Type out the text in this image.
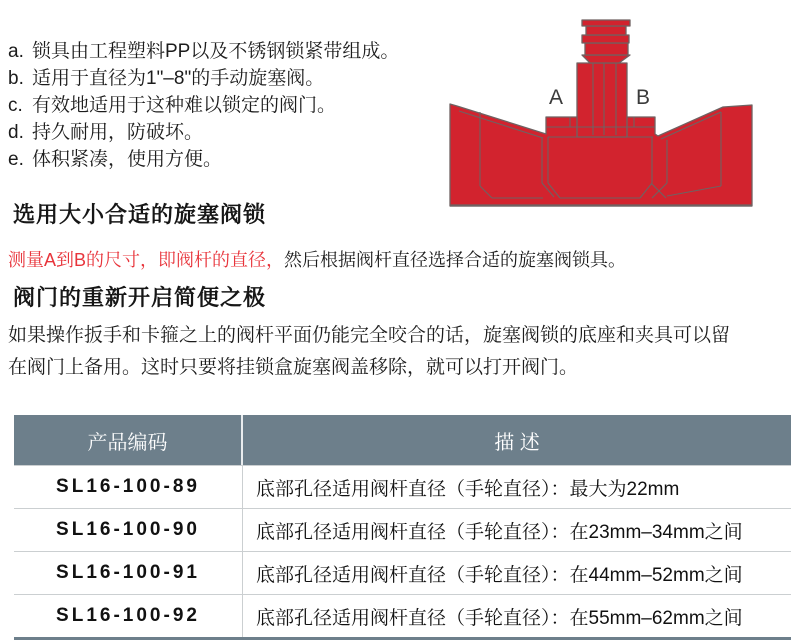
a. 锁具由工程塑料PP以及不锈钢锁紧带组成。
b. 适用于直径为1"–8"的手动旋塞阀。
c. 有效地适用于这种难以锁定的阀门。
d. 持久耐用，防破坏。
e. 体积紧凑，使用方便。
A	B
选用大小合适的旋塞阀锁
测量A到B的尺寸，即阀杆的直径，然后根据阀杆直径选择合适的旋塞阀锁具。
阀门的重新开启简便之极
如果操作扳手和卡箍之上的阀杆平面仍能完全咬合的话，旋塞阀锁的底座和夹具可以留在阀门上备用。这时只要将挂锁盒旋塞阀盖移除，就可以打开阀门。
产品编码	描 述
SL16-100-89	底部孔径适用阀杆直径（手轮直径）：最大为22mm
SL16-100-90	底部孔径适用阀杆直径（手轮直径）：在23mm–34mm之间
SL16-100-91	底部孔径适用阀杆直径（手轮直径）：在44mm–52mm之间
SL16-100-92	底部孔径适用阀杆直径（手轮直径）：在55mm–62mm之间
